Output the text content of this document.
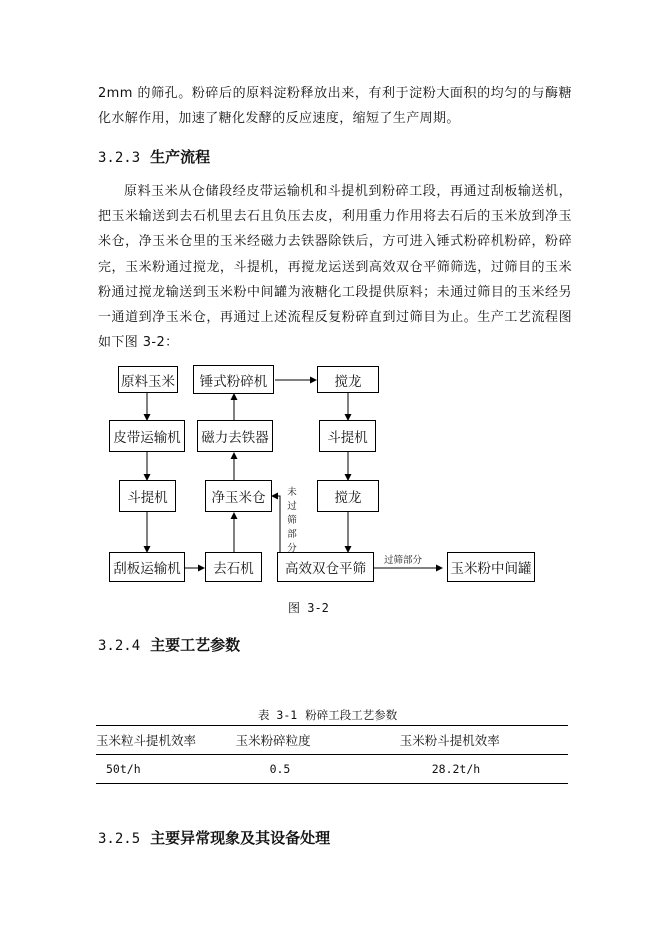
2mm 的筛孔。粉碎后的原料淀粉释放出来，有利于淀粉大面积的均匀的与酶糖化水解作用，加速了糖化发酵的反应速度，缩短了生产周期。

3.2.3 生产流程

原料玉米从仓储段经皮带运输机和斗提机到粉碎工段，再通过刮板输送机，把玉米输送到去石机里去石且负压去皮，利用重力作用将去石后的玉米放到净玉米仓，净玉米仓里的玉米经磁力去铁器除铁后，方可进入锤式粉碎机粉碎，粉碎完，玉米粉通过搅龙，斗提机，再搅龙运送到高效双仓平筛筛选，过筛目的玉米粉通过搅龙输送到玉米粉中间罐为液糖化工段提供原料；未通过筛目的玉米经另一通道到净玉米仓，再通过上述流程反复粉碎直到过筛目为止。生产工艺流程图如下图 3-2：

原料玉米
皮带运输机
斗提机
刮板运输机
锤式粉碎机
磁力去铁器
净玉米仓
去石机
搅龙
斗提机
搅龙
高效双仓平筛	玉米粉中间罐
未过筛部分
过筛部分
图 3-2
3.2.4 主要工艺参数
表 3-1 粉碎工段工艺参数
玉米粒斗提机效率	玉米粉碎粒度	玉米粉斗提机效率
50t/h	0.5	28.2t/h
3.2.5 主要异常现象及其设备处理
